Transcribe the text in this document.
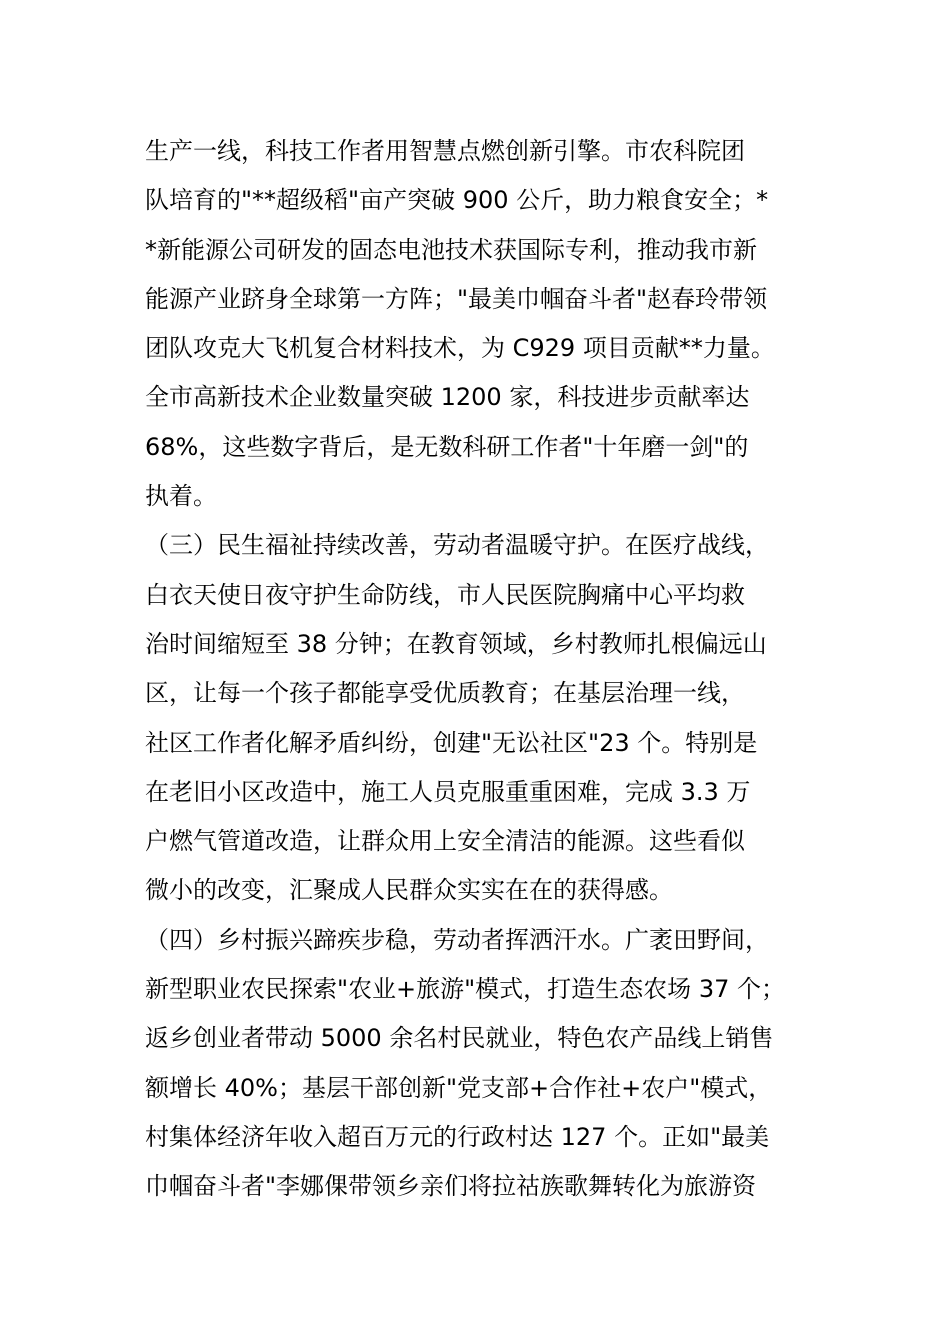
生产一线，科技工作者用智慧点燃创新引擎。市农科院团
队培育的"**超级稻"亩产突破 900 公斤，助力粮食安全；*
*新能源公司研发的固态电池技术获国际专利，推动我市新
能源产业跻身全球第一方阵；"最美巾帼奋斗者"赵春玲带领
团队攻克大飞机复合材料技术，为 C929 项目贡献**力量。
全市高新技术企业数量突破 1200 家，科技进步贡献率达
68%，这些数字背后，是无数科研工作者"十年磨一剑"的
执着。
（三）民生福祉持续改善，劳动者温暖守护。在医疗战线，
白衣天使日夜守护生命防线，市人民医院胸痛中心平均救
治时间缩短至 38 分钟；在教育领域，乡村教师扎根偏远山
区，让每一个孩子都能享受优质教育；在基层治理一线，
社区工作者化解矛盾纠纷，创建"无讼社区"23 个。特别是
在老旧小区改造中，施工人员克服重重困难，完成 3.3 万
户燃气管道改造，让群众用上安全清洁的能源。这些看似
微小的改变，汇聚成人民群众实实在在的获得感。
（四）乡村振兴蹄疾步稳，劳动者挥洒汗水。广袤田野间，
新型职业农民探索"农业+旅游"模式，打造生态农场 37 个；
返乡创业者带动 5000 余名村民就业，特色农产品线上销售
额增长 40%；基层干部创新"党支部+合作社+农户"模式，
村集体经济年收入超百万元的行政村达 127 个。正如"最美
巾帼奋斗者"李娜倮带领乡亲们将拉祜族歌舞转化为旅游资
